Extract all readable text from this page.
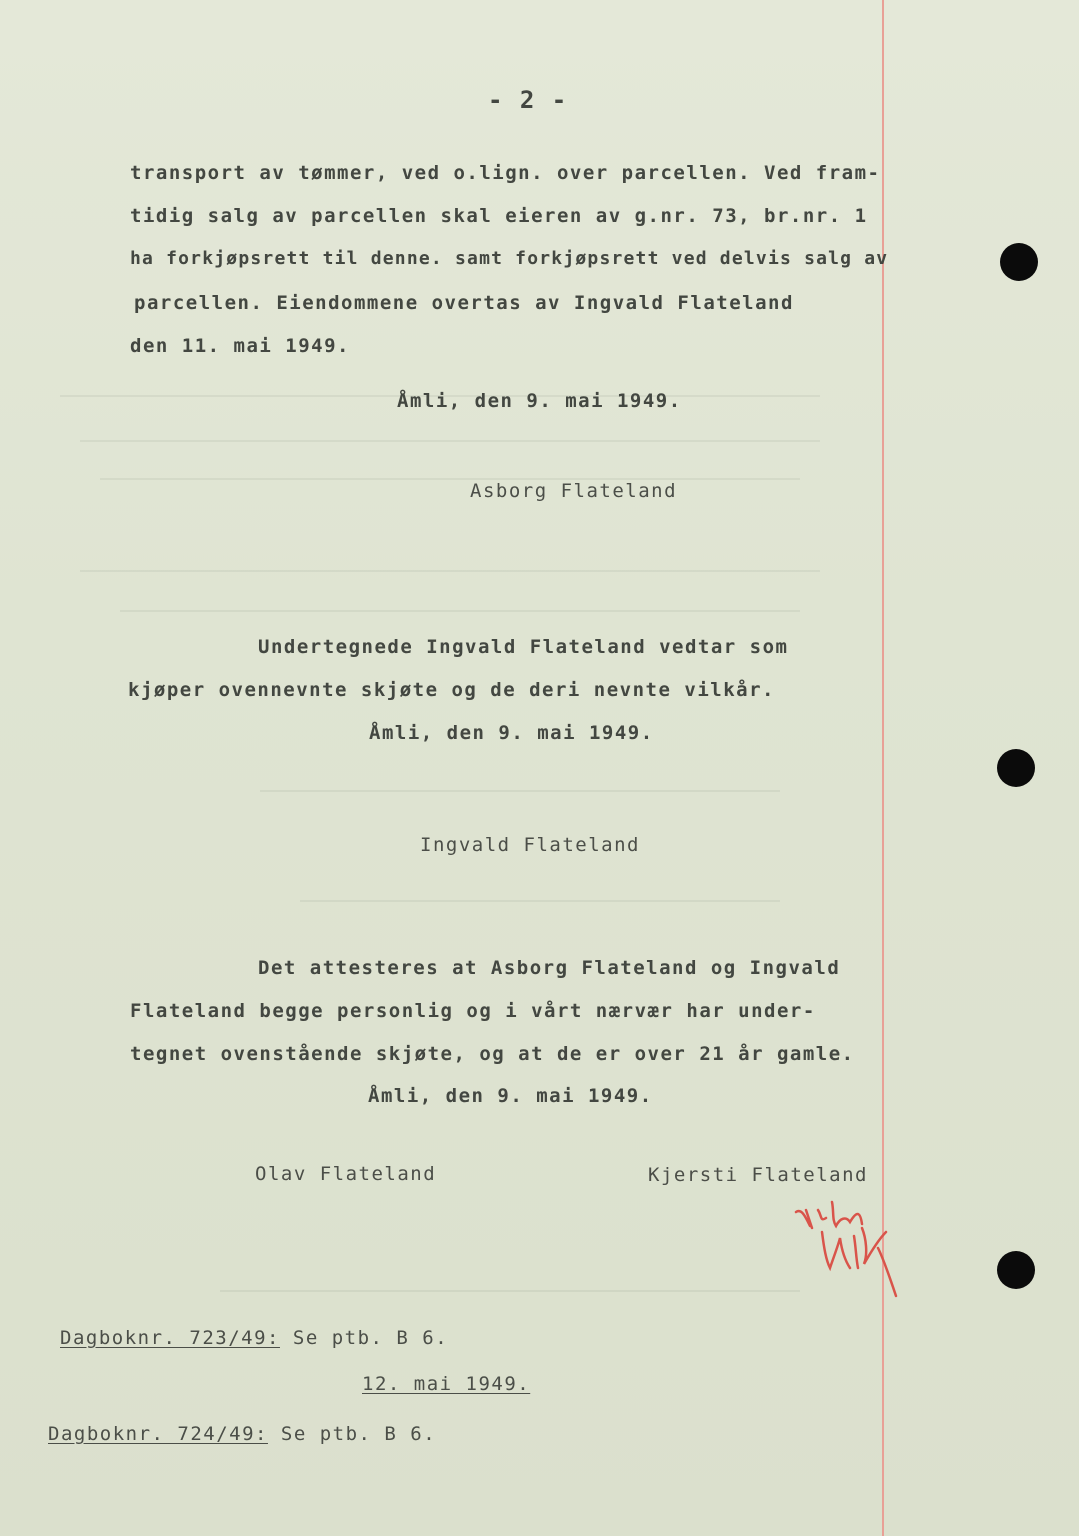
- 2 -
transport av tømmer, ved o.lign. over parcellen. Ved fram-
tidig salg av parcellen skal eieren av g.nr. 73, br.nr. 1
ha forkjøpsrett til denne. samt forkjøpsrett ved delvis salg av
parcellen. Eiendommene overtas av Ingvald Flateland
den 11. mai 1949.
Åmli, den 9. mai 1949.
Asborg Flateland
Undertegnede Ingvald Flateland vedtar som
kjøper ovennevnte skjøte og de deri nevnte vilkår.
Åmli, den 9. mai 1949.
Ingvald Flateland
Det attesteres at Asborg Flateland og Ingvald
Flateland begge personlig og i vårt nærvær har under-
tegnet ovenstående skjøte, og at de er over 21 år gamle.
Åmli, den 9. mai 1949.
Olav Flateland	Kjersti Flateland
Dagboknr. 723/49: Se ptb. B 6.
12. mai 1949.
Dagboknr. 724/49: Se ptb. B 6.
